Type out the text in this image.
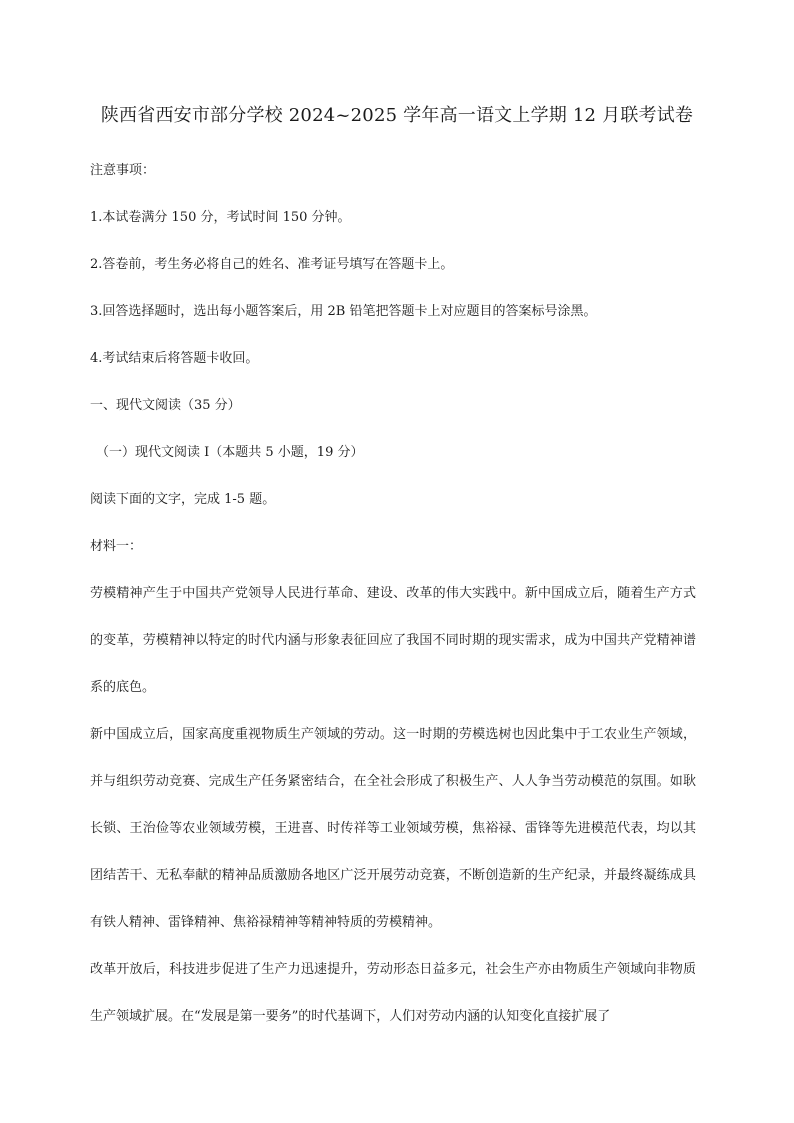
陕西省西安市部分学校 2024~2025 学年高一语文上学期 12 月联考试卷
注意事项：
1.本试卷满分 150 分，考试时间 150 分钟。
2.答卷前，考生务必将自己的姓名、准考证号填写在答题卡上。
3.回答选择题时，选出每小题答案后，用 2B 铅笔把答题卡上对应题目的答案标号涂黑。
4.考试结束后将答题卡收回。
一、现代文阅读（35 分）
（一）现代文阅读 I（本题共 5 小题，19 分）
阅读下面的文字，完成 1-5 题。
材料一：
劳模精神产生于中国共产党领导人民进行革命、建设、改革的伟大实践中。新中国成立后，随着生产方式的变革，劳模精神以特定的时代内涵与形象表征回应了我国不同时期的现实需求，成为中国共产党精神谱系的底色。
新中国成立后，国家高度重视物质生产领域的劳动。这一时期的劳模选树也因此集中于工农业生产领域，并与组织劳动竞赛、完成生产任务紧密结合，在全社会形成了积极生产、人人争当劳动模范的氛围。如耿长锁、王治俭等农业领域劳模，王进喜、时传祥等工业领域劳模，焦裕禄、雷锋等先进模范代表，均以其团结苦干、无私奉献的精神品质激励各地区广泛开展劳动竞赛，不断创造新的生产纪录，并最终凝练成具有铁人精神、雷锋精神、焦裕禄精神等精神特质的劳模精神。
改革开放后，科技进步促进了生产力迅速提升，劳动形态日益多元，社会生产亦由物质生产领域向非物质生产领域扩展。在“发展是第一要务”的时代基调下，人们对劳动内涵的认知变化直接扩展了
